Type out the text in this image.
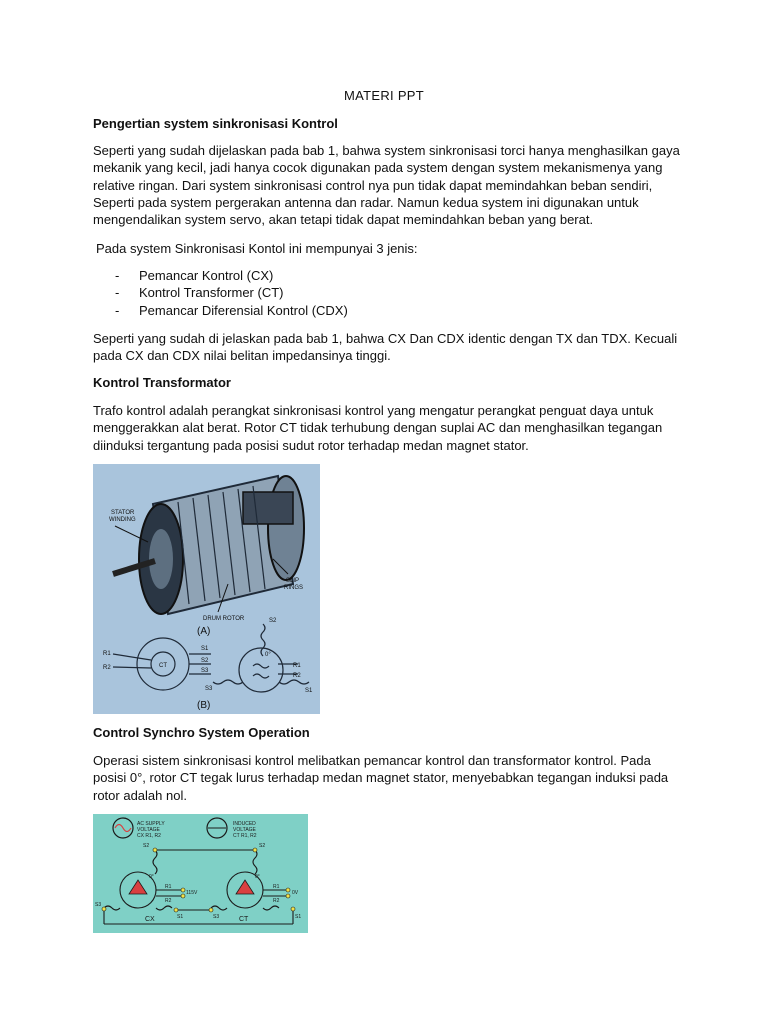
MATERI PPT
Pengertian system sinkronisasi Kontrol

Seperti yang sudah dijelaskan pada bab 1, bahwa system sinkronisasi torci hanya menghasilkan gaya mekanik yang kecil, jadi hanya cocok digunakan pada system dengan system mekanismenya yang relative ringan. Dari system sinkronisasi control nya pun tidak dapat memindahkan beban sendiri, Seperti pada system pergerakan antenna dan radar. Namun kedua system ini digunakan untuk mengendalikan system servo, akan tetapi tidak dapat memindahkan beban yang berat.

Pada system Sinkronisasi Kontol ini mempunyai 3 jenis:

- Pemancar Kontrol (CX)
- Kontrol Transformer (CT)
- Pemancar Diferensial Kontrol (CDX)

Seperti yang sudah di jelaskan pada bab 1, bahwa CX Dan CDX identic dengan TX dan TDX. Kecuali pada CX dan CDX nilai belitan impedansinya tinggi.

Kontrol Transformator

Trafo kontrol adalah perangkat sinkronisasi kontrol yang mengatur perangkat penguat daya untuk menggerakkan alat berat. Rotor CT tidak terhubung dengan suplai AC dan menghasilkan tegangan diinduksi tergantung pada posisi sudut rotor terhadap medan magnet stator.

STATOR
WINDING
SLIP
RINGS
DRUM ROTOR
(A)
CT
R1
R2
S1
S2
S3
S2
0°
R1
R2
S3	S1
(B)
Control Synchro System Operation

Operasi sistem sinkronisasi kontrol melibatkan pemancar kontrol dan transformator kontrol. Pada posisi 0°, rotor CT tegak lurus terhadap medan magnet stator, menyebabkan tegangan induksi pada rotor adalah nol.

AC SUPPLY
VOLTAGE
CX R1, R2
INDUCED
VOLTAGE
CT R1, R2
S2	S2
0°	0°
R1
R2
115V
R1
R2
0V
S3
S1	S3	S1
CX	CT
